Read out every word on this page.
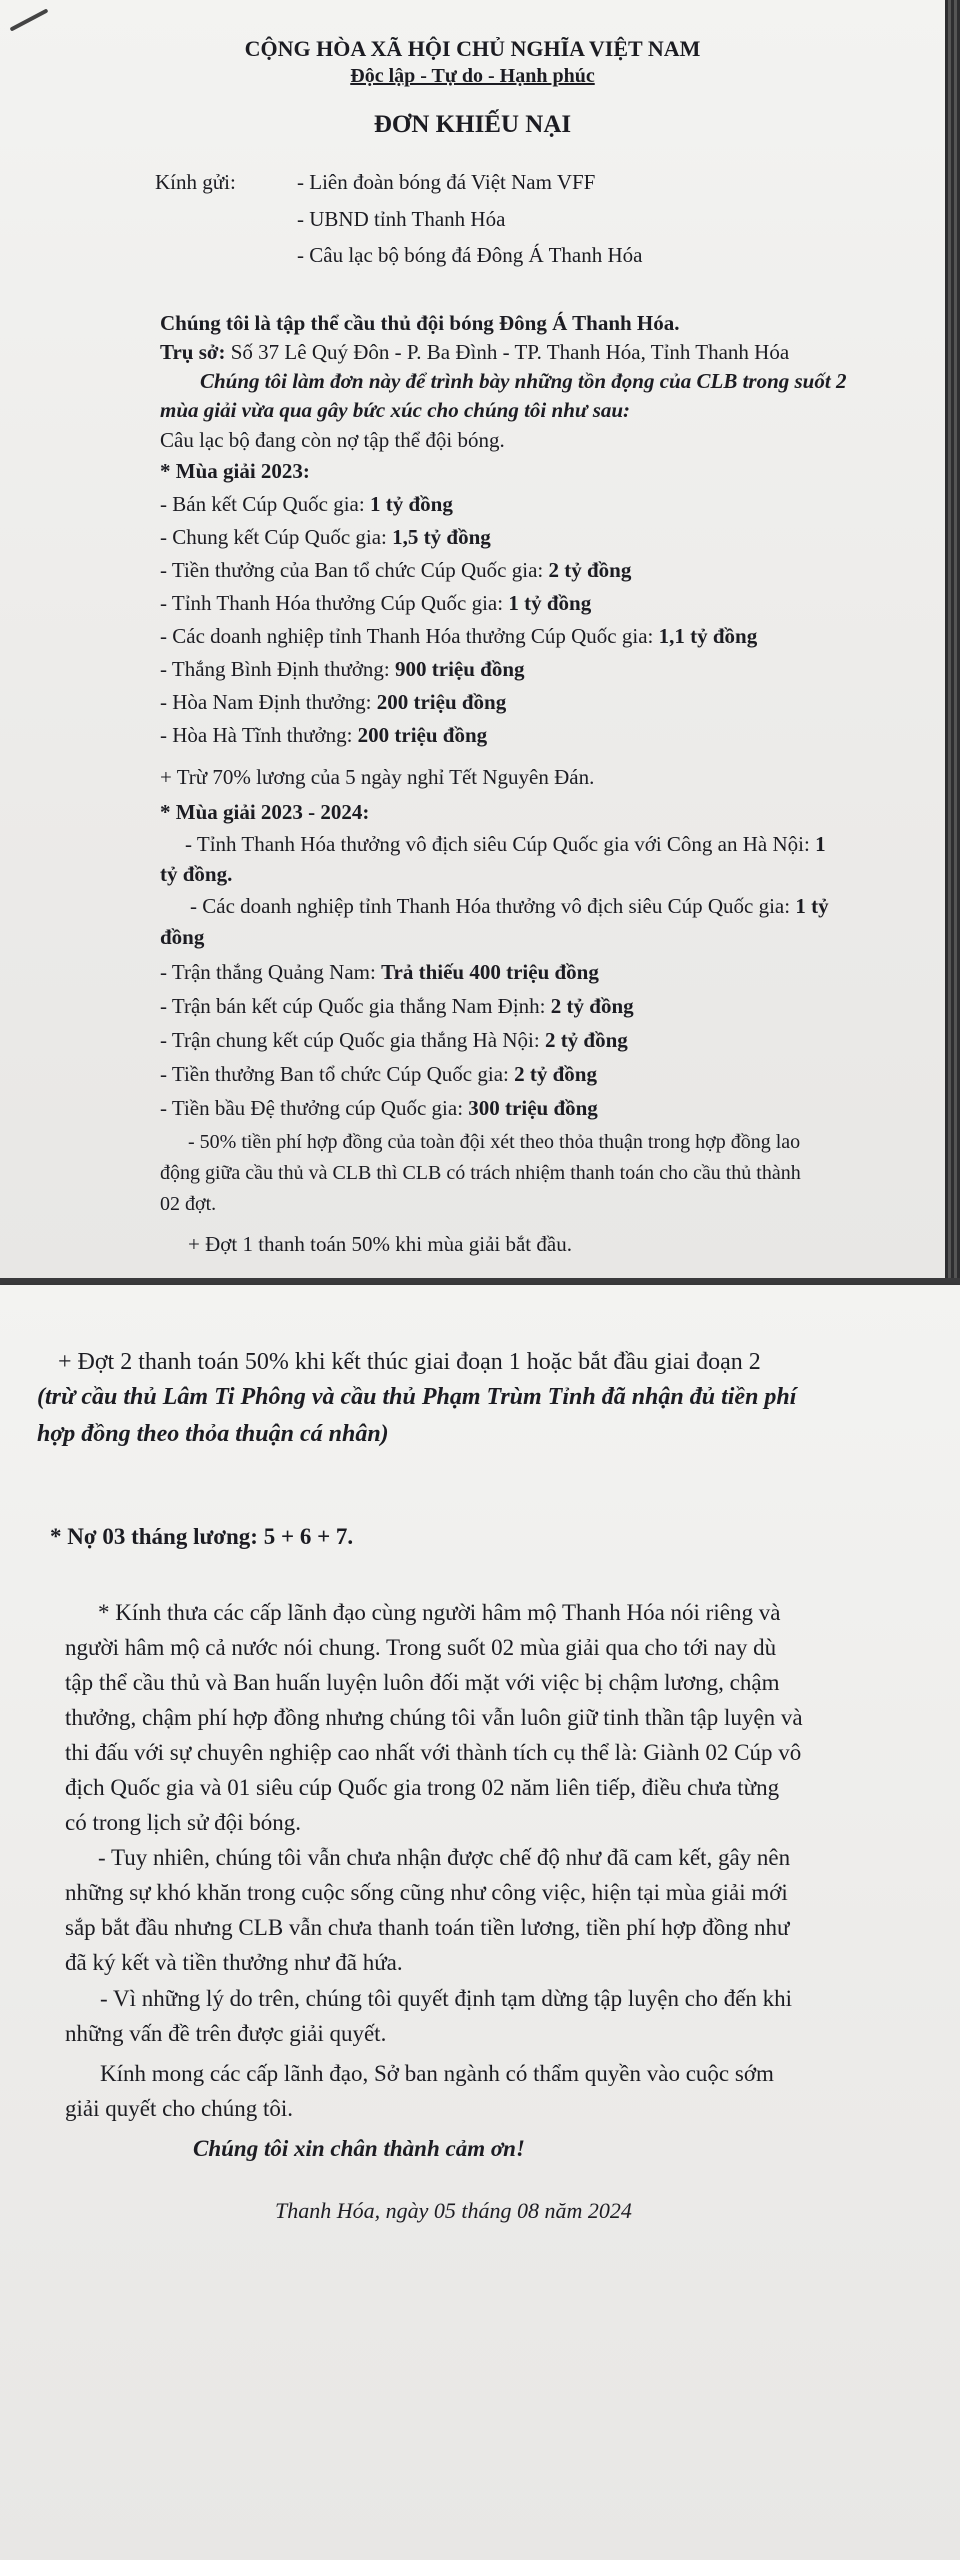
CỘNG HÒA XÃ HỘI CHỦ NGHĨA VIỆT NAM
Độc lập - Tự do - Hạnh phúc
ĐƠN KHIẾU NẠI
Kính gửi:	- Liên đoàn bóng đá Việt Nam VFF
- UBND tỉnh Thanh Hóa
- Câu lạc bộ bóng đá Đông Á Thanh Hóa
Chúng tôi là tập thể cầu thủ đội bóng Đông Á Thanh Hóa.
Trụ sở: Số 37 Lê Quý Đôn - P. Ba Đình - TP. Thanh Hóa, Tỉnh Thanh Hóa
Chúng tôi làm đơn này để trình bày những tồn đọng của CLB trong suốt 2
mùa giải vừa qua gây bức xúc cho chúng tôi như sau:
Câu lạc bộ đang còn nợ tập thể đội bóng.
* Mùa giải 2023:
- Bán kết Cúp Quốc gia: 1 tỷ đồng
- Chung kết Cúp Quốc gia: 1,5 tỷ đồng
- Tiền thưởng của Ban tổ chức Cúp Quốc gia: 2 tỷ đồng
- Tỉnh Thanh Hóa thưởng Cúp Quốc gia: 1 tỷ đồng
- Các doanh nghiệp tỉnh Thanh Hóa thưởng Cúp Quốc gia: 1,1 tỷ đồng
- Thắng Bình Định thưởng: 900 triệu đồng
- Hòa Nam Định thưởng: 200 triệu đồng
- Hòa Hà Tĩnh thưởng: 200 triệu đồng
+ Trừ 70% lương của 5 ngày nghỉ Tết Nguyên Đán.
* Mùa giải 2023 - 2024:
- Tỉnh Thanh Hóa thưởng vô địch siêu Cúp Quốc gia với Công an Hà Nội: 1
tỷ đồng.
- Các doanh nghiệp tỉnh Thanh Hóa thưởng vô địch siêu Cúp Quốc gia: 1 tỷ
đồng
- Trận thắng Quảng Nam: Trả thiếu 400 triệu đồng
- Trận bán kết cúp Quốc gia thắng Nam Định: 2 tỷ đồng
- Trận chung kết cúp Quốc gia thắng Hà Nội: 2 tỷ đồng
- Tiền thưởng Ban tổ chức Cúp Quốc gia: 2 tỷ đồng
- Tiền bầu Đệ thưởng cúp Quốc gia: 300 triệu đồng
- 50% tiền phí hợp đồng của toàn đội xét theo thỏa thuận trong hợp đồng lao
động giữa cầu thủ và CLB thì CLB có trách nhiệm thanh toán cho cầu thủ thành
02 đợt.
+ Đợt 1 thanh toán 50% khi mùa giải bắt đầu.
+ Đợt 2 thanh toán 50% khi kết thúc giai đoạn 1 hoặc bắt đầu giai đoạn 2
(trừ cầu thủ Lâm Ti Phông và cầu thủ Phạm Trùm Tỉnh đã nhận đủ tiền phí
hợp đồng theo thỏa thuận cá nhân)
* Nợ 03 tháng lương: 5 + 6 + 7.
* Kính thưa các cấp lãnh đạo cùng người hâm mộ Thanh Hóa nói riêng và
người hâm mộ cả nước nói chung. Trong suốt 02 mùa giải qua cho tới nay dù
tập thể cầu thủ và Ban huấn luyện luôn đối mặt với việc bị chậm lương, chậm
thưởng, chậm phí hợp đồng nhưng chúng tôi vẫn luôn giữ tinh thần tập luyện và
thi đấu với sự chuyên nghiệp cao nhất với thành tích cụ thể là: Giành 02 Cúp vô
địch Quốc gia và 01 siêu cúp Quốc gia trong 02 năm liên tiếp, điều chưa từng
có trong lịch sử đội bóng.
- Tuy nhiên, chúng tôi vẫn chưa nhận được chế độ như đã cam kết, gây nên
những sự khó khăn trong cuộc sống cũng như công việc, hiện tại mùa giải mới
sắp bắt đầu nhưng CLB vẫn chưa thanh toán tiền lương, tiền phí hợp đồng như
đã ký kết và tiền thưởng như đã hứa.
- Vì những lý do trên, chúng tôi quyết định tạm dừng tập luyện cho đến khi
những vấn đề trên được giải quyết.
Kính mong các cấp lãnh đạo, Sở ban ngành có thẩm quyền vào cuộc sớm
giải quyết cho chúng tôi.
Chúng tôi xin chân thành cảm ơn!
Thanh Hóa, ngày 05 tháng 08 năm 2024
